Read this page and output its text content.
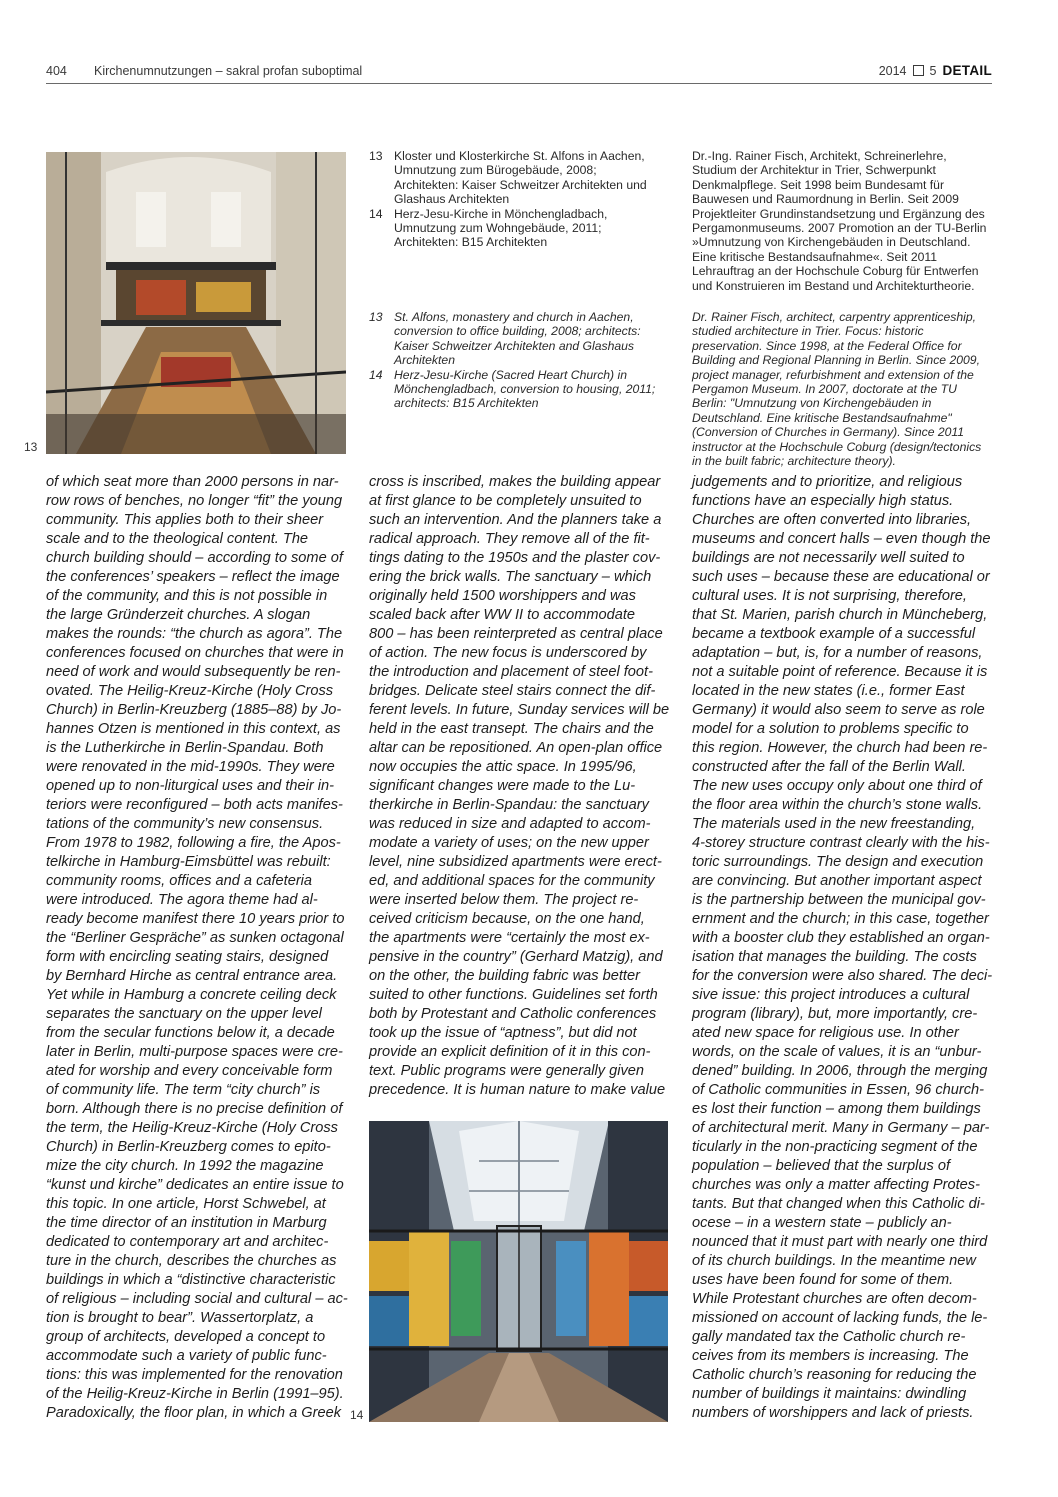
404 Kirchenumnutzungen – sakral profan suboptimal	2014 5 DETAIL
13
13 Kloster und Klosterkirche St. Alfons in Aachen, Umnutzung zum Bürogebäude, 2008; Architekten: Kaiser Schweitzer Architekten und Glashaus Architekten
14 Herz-Jesu-Kirche in Mönchengladbach, Umnutzung zum Wohngebäude, 2011; Architekten: B15 Architekten
13 St. Alfons, monastery and church in Aachen, conversion to office building, 2008; architects: Kaiser Schweitzer Architekten and Glashaus Architekten
14 Herz-Jesu-Kirche (Sacred Heart Church) in Mönchengladbach, conversion to housing, 2011; architects: B15 Architekten
Dr.-Ing. Rainer Fisch, Architekt, Schreinerlehre, Studium der Architektur in Trier, Schwerpunkt Denkmalpflege. Seit 1998 beim Bundesamt für Bauwesen und Raumordnung in Berlin. Seit 2009 Projektleiter Grundinstandsetzung und Ergänzung des Pergamonmuseums. 2007 Promotion an der TU-Berlin »Umnutzung von Kirchengebäuden in Deutschland. Eine kritische Bestandsaufnahme«. Seit 2011 Lehrauftrag an der Hochschule Coburg für Entwerfen und Konstruieren im Bestand und Architekturtheorie.
Dr. Rainer Fisch, architect, carpentry apprenticeship, studied architecture in Trier. Focus: historic preservation. Since 1998, at the Federal Office for Building and Regional Planning in Berlin. Since 2009, project manager, refurbishment and extension of the Pergamon Museum. In 2007, doctorate at the TU Berlin: "Umnutzung von Kirchengebäuden in Deutschland. Eine kritische Bestandsaufnahme" (Conversion of Churches in Germany). Since 2011 instructor at the Hochschule Coburg (design/tectonics in the built fabric; architecture theory).
of which seat more than 2000 persons in nar-
row rows of benches, no longer “fit” the young
community. This applies both to their sheer
scale and to the theological content. The
church building should – according to some of
the conferences’ speakers – reflect the image
of the community, and this is not possible in
the large Gründerzeit churches. A slogan
makes the rounds: “the church as agora”. The
conferences focused on churches that were in
need of work and would subsequently be ren-
ovated. The Heilig-Kreuz-Kirche (Holy Cross
Church) in Berlin-Kreuzberg (1885–88) by Jo-
hannes Otzen is mentioned in this context, as
is the Lutherkirche in Berlin-Spandau. Both
were renovated in the mid-1990s. They were
opened up to non-liturgical uses and their in-
teriors were reconfigured – both acts manifes-
tations of the community’s new consensus.
From 1978 to 1982, following a fire, the Apos-
telkirche in Hamburg-Eimsbüttel was rebuilt:
community rooms, offices and a cafeteria
were introduced. The agora theme had al-
ready become manifest there 10 years prior to
the “Berliner Gespräche” as sunken octagonal
form with encircling seating stairs, designed
by Bernhard Hirche as central entrance area.
Yet while in Hamburg a concrete ceiling deck
separates the sanctuary on the upper level
from the secular functions below it, a decade
later in Berlin, multi-purpose spaces were cre-
ated for worship and every conceivable form
of community life. The term “city church” is
born. Although there is no precise definition of
the term, the Heilig-Kreuz-Kirche (Holy Cross
Church) in Berlin-Kreuzberg comes to epito-
mize the city church. In 1992 the magazine
“kunst und kirche” dedicates an entire issue to
this topic. In one article, Horst Schwebel, at
the time director of an institution in Marburg
dedicated to contemporary art and architec-
ture in the church, describes the churches as
buildings in which a “distinctive characteristic
of religious – including social and cultural – ac-
tion is brought to bear”. Wassertorplatz, a
group of architects, developed a concept to
accommodate such a variety of public func-
tions: this was implemented for the renovation
of the Heilig-Kreuz-Kirche in Berlin (1991–95).
Paradoxically, the floor plan, in which a Greek
cross is inscribed, makes the building appear
at first glance to be completely unsuited to
such an intervention. And the planners take a
radical approach. They remove all of the fit-
tings dating to the 1950s and the plaster cov-
ering the brick walls. The sanctuary – which
originally held 1500 worshippers and was
scaled back after WW II to accommodate
800 – has been reinterpreted as central place
of action. The new focus is underscored by
the introduction and placement of steel foot-
bridges. Delicate steel stairs connect the dif-
ferent levels. In future, Sunday services will be
held in the east transept. The chairs and the
altar can be repositioned. An open-plan office
now occupies the attic space. In 1995/96,
significant changes were made to the Lu-
therkirche in Berlin-Spandau: the sanctuary
was reduced in size and adapted to accom-
modate a variety of uses; on the new upper
level, nine subsidized apartments were erect-
ed, and additional spaces for the community
were inserted below them. The project re-
ceived criticism because, on the one hand,
the apartments were “certainly the most ex-
pensive in the country” (Gerhard Matzig), and
on the other, the building fabric was better
suited to other functions. Guidelines set forth
both by Protestant and Catholic conferences
took up the issue of “aptness”, but did not
provide an explicit definition of it in this con-
text. Public programs were generally given
precedence. It is human nature to make value
judgements and to prioritize, and religious
functions have an especially high status.
Churches are often converted into libraries,
museums and concert halls – even though the
buildings are not necessarily well suited to
such uses – because these are educational or
cultural uses. It is not surprising, therefore,
that St. Marien, parish church in Müncheberg,
became a textbook example of a successful
adaptation – but, is, for a number of reasons,
not a suitable point of reference. Because it is
located in the new states (i.e., former East
Germany) it would also seem to serve as role
model for a solution to problems specific to
this region. However, the church had been re-
constructed after the fall of the Berlin Wall.
The new uses occupy only about one third of
the floor area within the church’s stone walls.
The materials used in the new freestanding,
4-storey structure contrast clearly with the his-
toric surroundings. The design and execution
are convincing. But another important aspect
is the partnership between the municipal gov-
ernment and the church; in this case, together
with a booster club they established an organ-
isation that manages the building. The costs
for the conversion were also shared. The deci-
sive issue: this project introduces a cultural
program (library), but, more importantly, cre-
ated new space for religious use. In other
words, on the scale of values, it is an “unbur-
dened” building. In 2006, through the merging
of Catholic communities in Essen, 96 church-
es lost their function – among them buildings
of architectural merit. Many in Germany – par-
ticularly in the non-practicing segment of the
population – believed that the surplus of
churches was only a matter affecting Protes-
tants. But that changed when this Catholic di-
ocese – in a western state – publicly an-
nounced that it must part with nearly one third
of its church buildings. In the meantime new
uses have been found for some of them.
While Protestant churches are often decom-
missioned on account of lacking funds, the le-
gally mandated tax the Catholic church re-
ceives from its members is increasing. The
Catholic church’s reasoning for reducing the
number of buildings it maintains: dwindling
numbers of worshippers and lack of priests.
14
